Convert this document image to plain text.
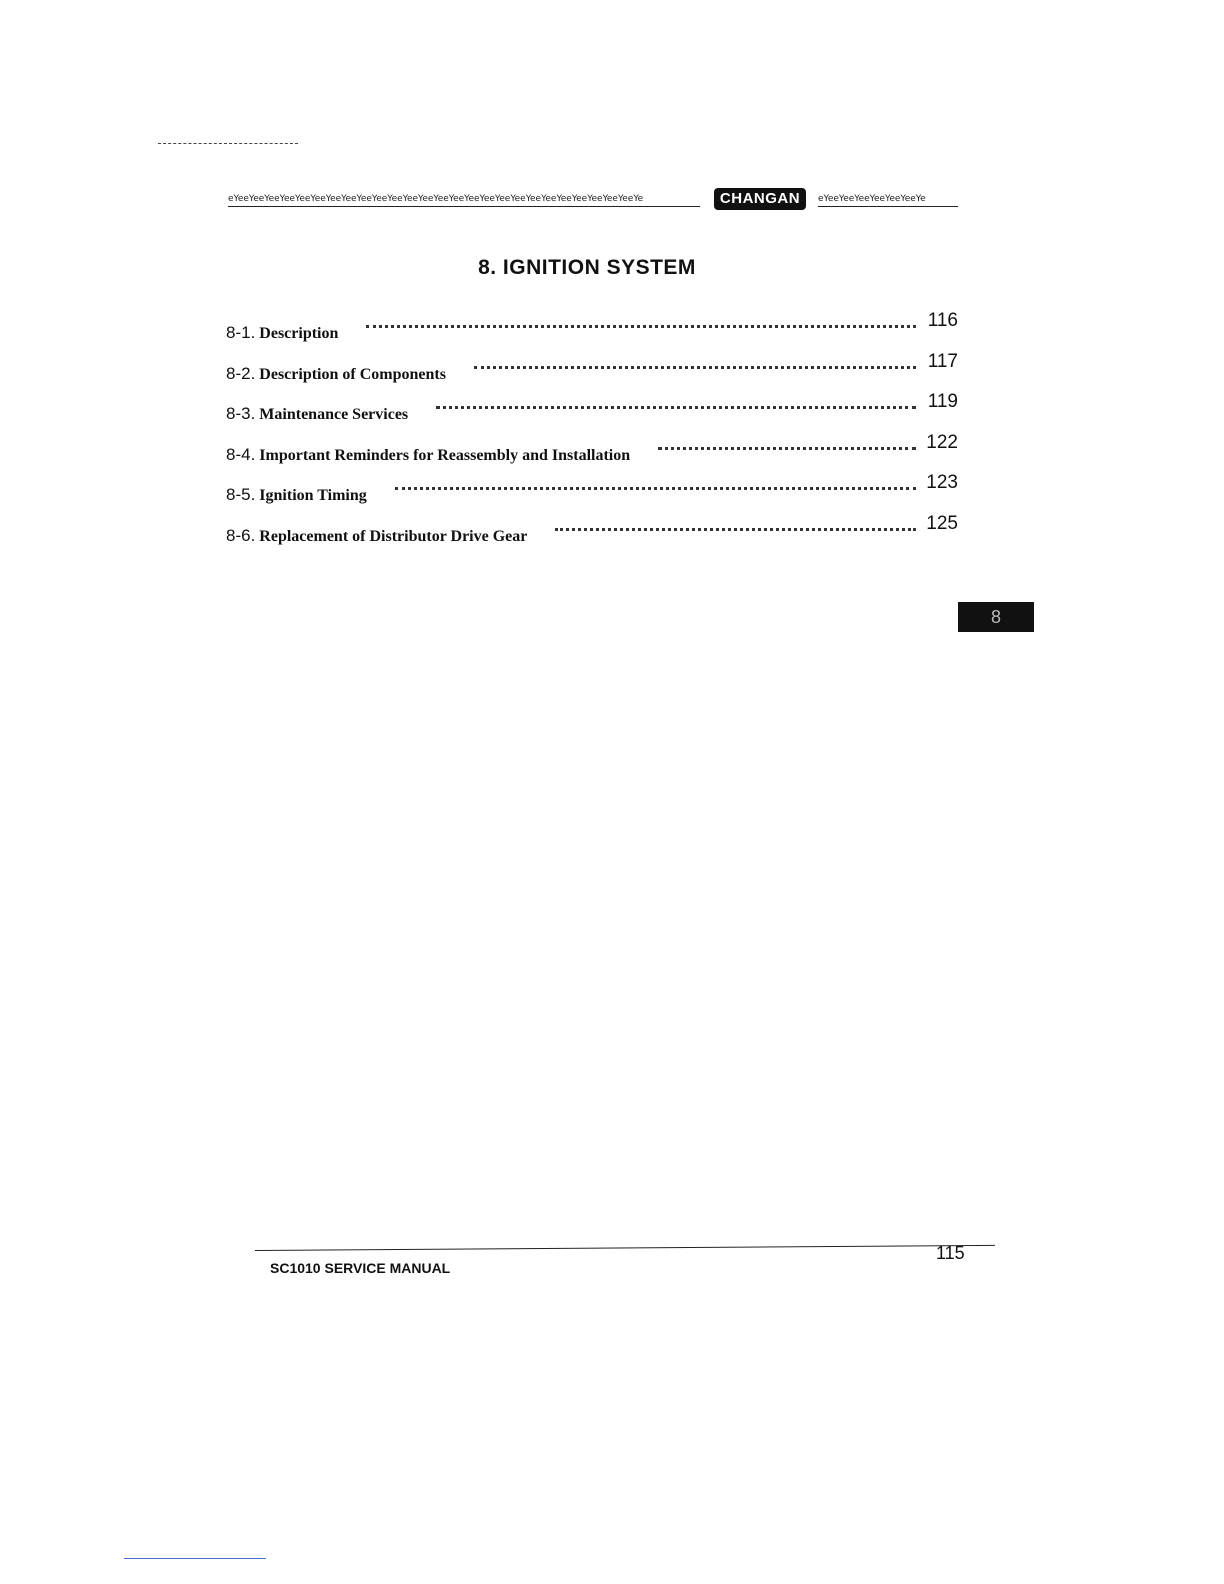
eYeeYeeYeeYeeYeeYeeYeeYeeYeeYeeYeeYeeYeeYeeYeeYeeYeeYeeYeeYeeYeeYeeYeeYeeYeeYeeYe	CHANGAN	eYeeYeeYeeYeeYeeYeeYe
8. IGNITION SYSTEM
8-1. Description
116
8-2. Description of Components
117
8-3. Maintenance Services
119
8-4. Important Reminders for Reassembly and Installation
122
8-5. Ignition Timing
123
8-6. Replacement of Distributor Drive Gear
125
8
115
SC1010 SERVICE MANUAL
